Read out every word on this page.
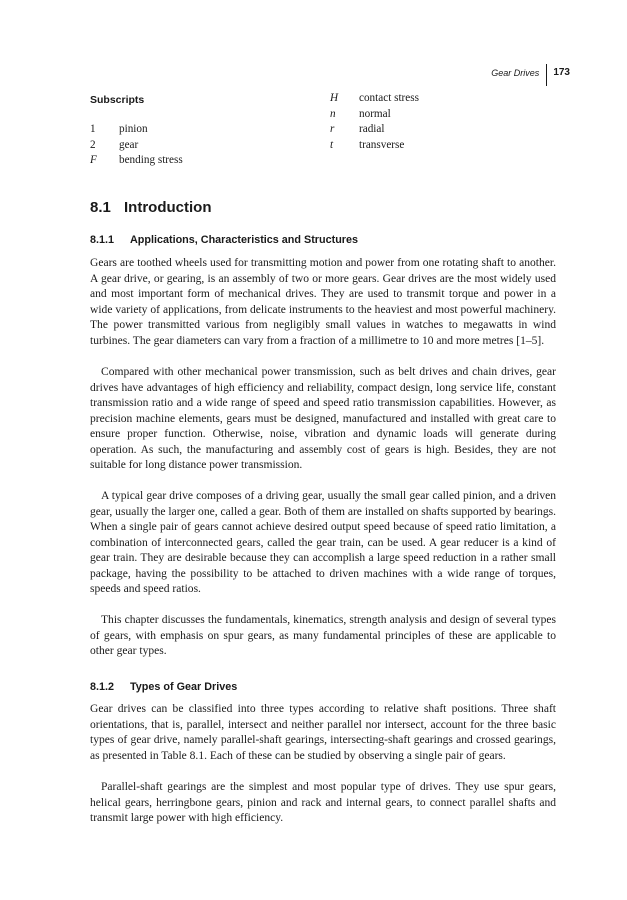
Gear Drives	173
Subscripts
1	pinion
2	gear
F	bending stress
H	contact stress
n	normal
r	radial
t	transverse
8.1 Introduction
8.1.1 Applications, Characteristics and Structures

Gears are toothed wheels used for transmitting motion and power from one rotating shaft to another. A gear drive, or gearing, is an assembly of two or more gears. Gear drives are the most widely used and most important form of mechanical drives. They are used to transmit torque and power in a wide variety of applications, from delicate instruments to the heaviest and most powerful machinery. The power transmitted various from negligibly small values in watches to megawatts in wind turbines. The gear diameters can vary from a fraction of a millimetre to 10 and more metres [1–5].

Compared with other mechanical power transmission, such as belt drives and chain drives, gear drives have advantages of high efficiency and reliability, compact design, long service life, constant transmission ratio and a wide range of speed and speed ratio transmission capabilities. However, as precision machine elements, gears must be designed, manufactured and installed with great care to ensure proper function. Otherwise, noise, vibration and dynamic loads will generate during operation. As such, the manufacturing and assembly cost of gears is high. Besides, they are not suitable for long distance power transmission.

A typical gear drive composes of a driving gear, usually the small gear called pinion, and a driven gear, usually the larger one, called a gear. Both of them are installed on shafts supported by bearings. When a single pair of gears cannot achieve desired output speed because of speed ratio limitation, a combination of interconnected gears, called the gear train, can be used. A gear reducer is a kind of gear train. They are desirable because they can accomplish a large speed reduction in a rather small package, having the possibility to be attached to driven machines with a wide range of torques, speeds and speed ratios.

This chapter discusses the fundamentals, kinematics, strength analysis and design of several types of gears, with emphasis on spur gears, as many fundamental principles of these are applicable to other gear types.

8.1.2 Types of Gear Drives

Gear drives can be classified into three types according to relative shaft positions. Three shaft orientations, that is, parallel, intersect and neither parallel nor intersect, account for the three basic types of gear drive, namely parallel-shaft gearings, intersecting-shaft gearings and crossed gearings, as presented in Table 8.1. Each of these can be studied by observing a single pair of gears.

Parallel-shaft gearings are the simplest and most popular type of drives. They use spur gears, helical gears, herringbone gears, pinion and rack and internal gears, to connect parallel shafts and transmit large power with high efficiency.
